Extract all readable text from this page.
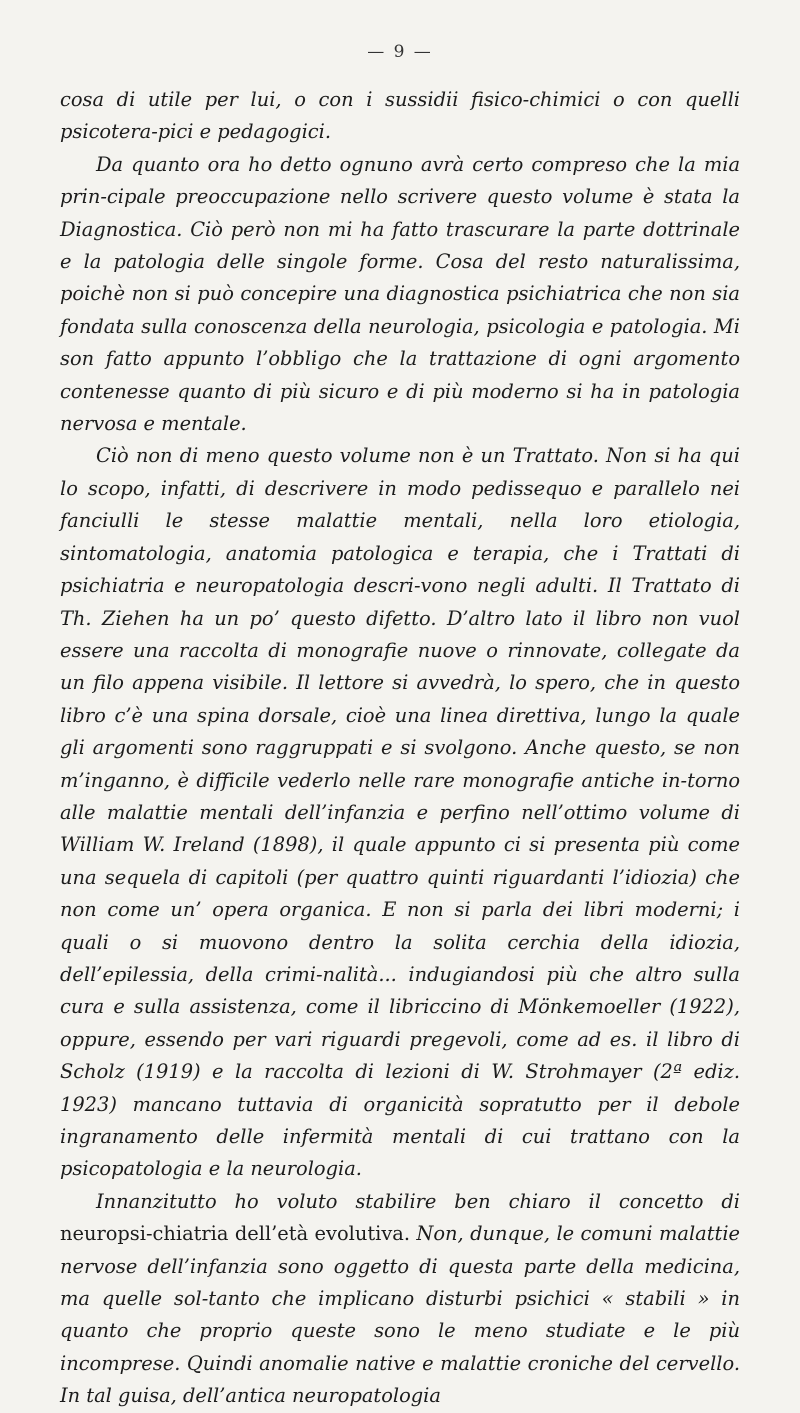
— 9 —

cosa di utile per lui, o con i sussidii fisico-chimici o con quelli psicotera-pici e pedagogici.

Da quanto ora ho detto ognuno avrà certo compreso che la mia prin-cipale preoccupazione nello scrivere questo volume è stata la Diagnostica. Ciò però non mi ha fatto trascurare la parte dottrinale e la patologia delle singole forme. Cosa del resto naturalissima, poichè non si può concepire una diagnostica psichiatrica che non sia fondata sulla conoscenza della neurologia, psicologia e patologia. Mi son fatto appunto l’obbligo che la trattazione di ogni argomento contenesse quanto di più sicuro e di più moderno si ha in patologia nervosa e mentale.

Ciò non di meno questo volume non è un Trattato. Non si ha qui lo scopo, infatti, di descrivere in modo pedissequo e parallelo nei fanciulli le stesse malattie mentali, nella loro etiologia, sintomatologia, anatomia patologica e terapia, che i Trattati di psichiatria e neuropatologia descri-vono negli adulti. Il Trattato di Th. Ziehen ha un po’ questo difetto. D’altro lato il libro non vuol essere una raccolta di monografie nuove o rinnovate, collegate da un filo appena visibile. Il lettore si avvedrà, lo spero, che in questo libro c’è una spina dorsale, cioè una linea direttiva, lungo la quale gli argomenti sono raggruppati e si svolgono. Anche questo, se non m’inganno, è difficile vederlo nelle rare monografie antiche in-torno alle malattie mentali dell’infanzia e perfino nell’ottimo volume di William W. Ireland (1898), il quale appunto ci si presenta più come una sequela di capitoli (per quattro quinti riguardanti l’idiozia) che non come un’ opera organica. E non si parla dei libri moderni; i quali o si muovono dentro la solita cerchia della idiozia, dell’epilessia, della crimi-nalità... indugiandosi più che altro sulla cura e sulla assistenza, come il libriccino di Mönkemoeller (1922), oppure, essendo per vari riguardi pregevoli, come ad es. il libro di Scholz (1919) e la raccolta di lezioni di W. Strohmayer (2ª ediz. 1923) mancano tuttavia di organicità sopratutto per il debole ingranamento delle infermità mentali di cui trattano con la psicopatologia e la neurologia.

Innanzitutto ho voluto stabilire ben chiaro il concetto di neuropsi-chiatria dell’età evolutiva. Non, dunque, le comuni malattie nervose dell’infanzia sono oggetto di questa parte della medicina, ma quelle sol-tanto che implicano disturbi psichici « stabili » in quanto che proprio queste sono le meno studiate e le più incomprese. Quindi anomalie native e malattie croniche del cervello. In tal guisa, dell’antica neuropatologia
